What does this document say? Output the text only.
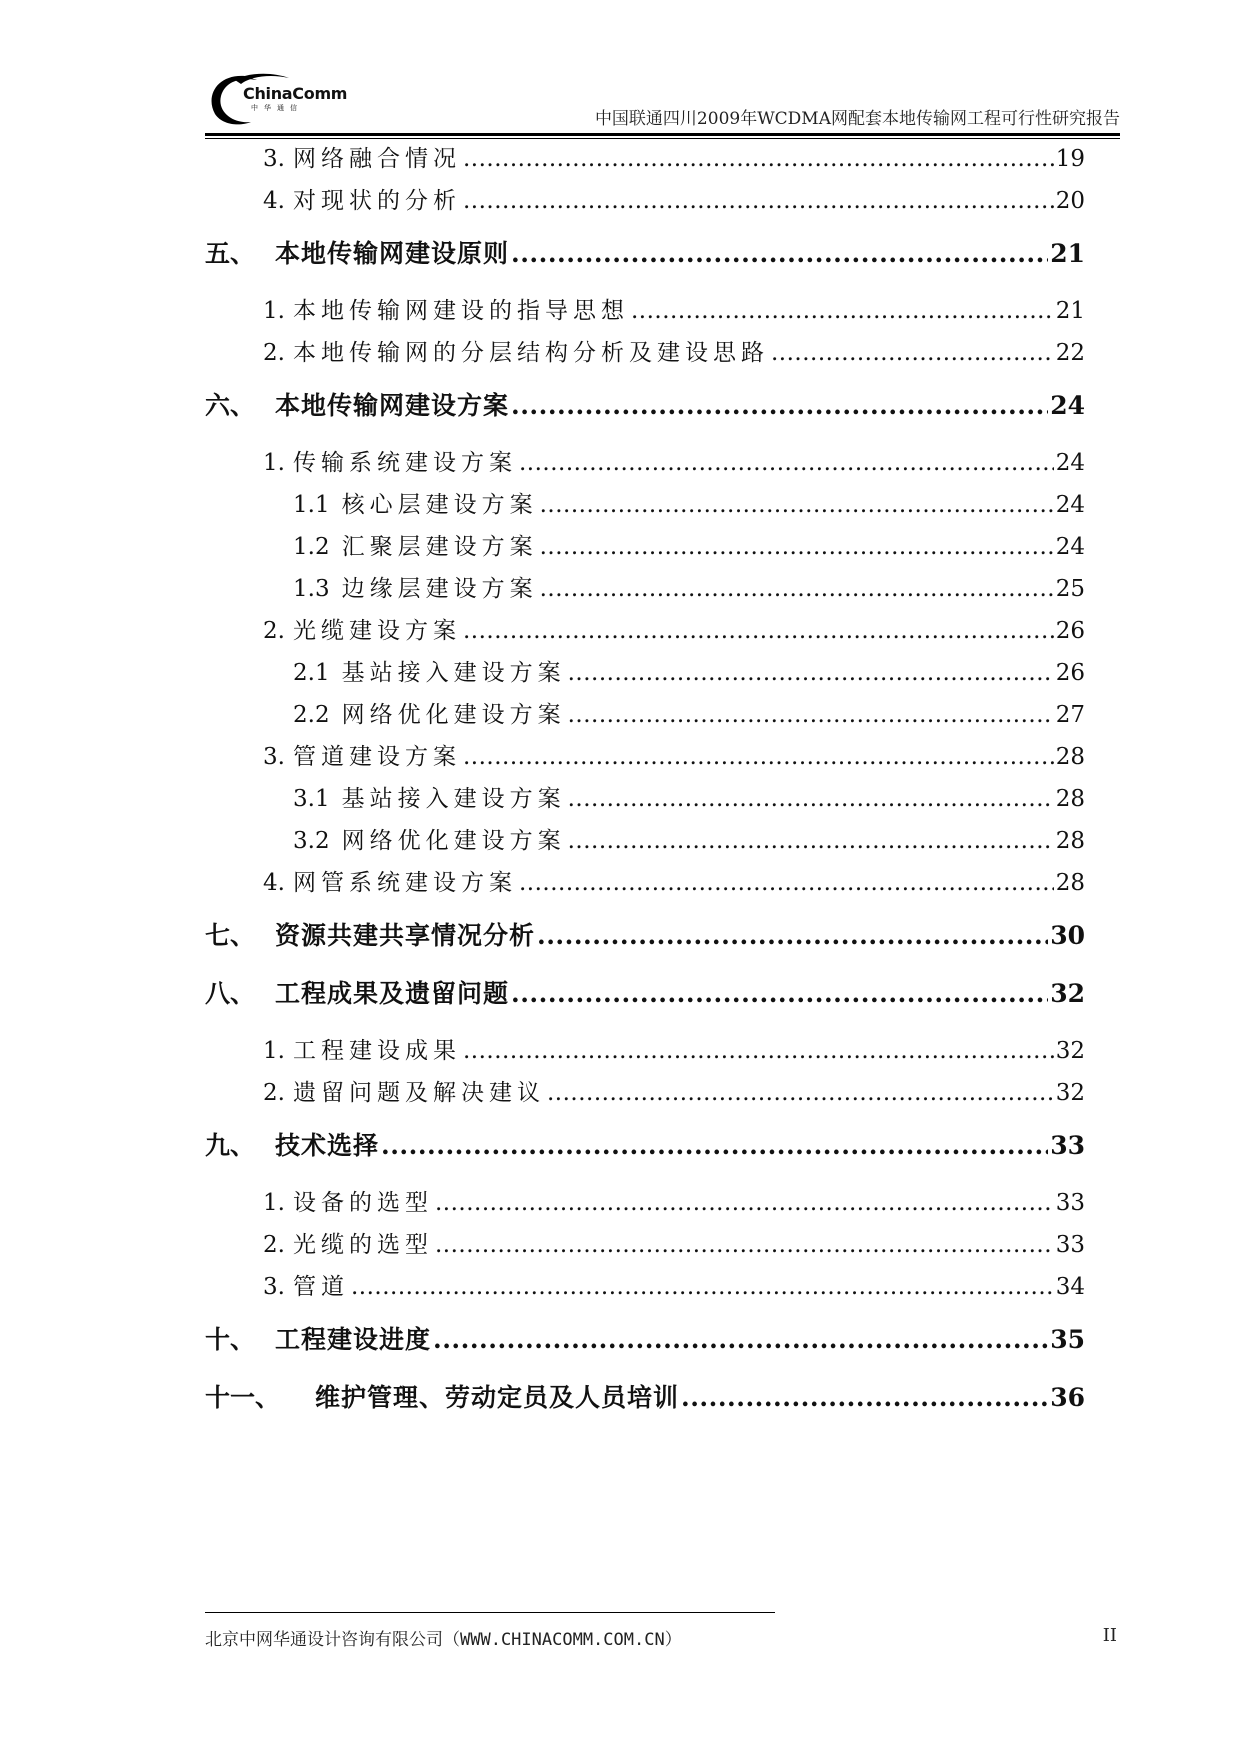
ChinaComm
中华通信
中国联通四川2009年WCDMA网配套本地传输网工程可行性研究报告
3. 网络融合情况 .....	19
4. 对现状的分析 .....	20
五、 本地传输网建设原则 .....	21
1. 本地传输网建设的指导思想 .....	21
2. 本地传输网的分层结构分析及建设思路 .....	22
六、 本地传输网建设方案 .....	24
1. 传输系统建设方案 .....	24
1.1 核心层建设方案 .....	24
1.2 汇聚层建设方案 .....	24
1.3 边缘层建设方案 .....	25
2. 光缆建设方案 .....	26
2.1 基站接入建设方案 .....	26
2.2 网络优化建设方案 .....	27
3. 管道建设方案 .....	28
3.1 基站接入建设方案 .....	28
3.2 网络优化建设方案 .....	28
4. 网管系统建设方案 .....	28
七、 资源共建共享情况分析 .....	30
八、 工程成果及遗留问题 .....	32
1. 工程建设成果 .....	32
2. 遗留问题及解决建议 .....	32
九、 技术选择 .....	33
1. 设备的选型 .....	33
2. 光缆的选型 .....	33
3. 管道 .....	34
十、 工程建设进度 .....	35
十一、	维护管理、劳动定员及人员培训 .....	36
北京中网华通设计咨询有限公司（WWW.CHINACOMM.COM.CN）	II
